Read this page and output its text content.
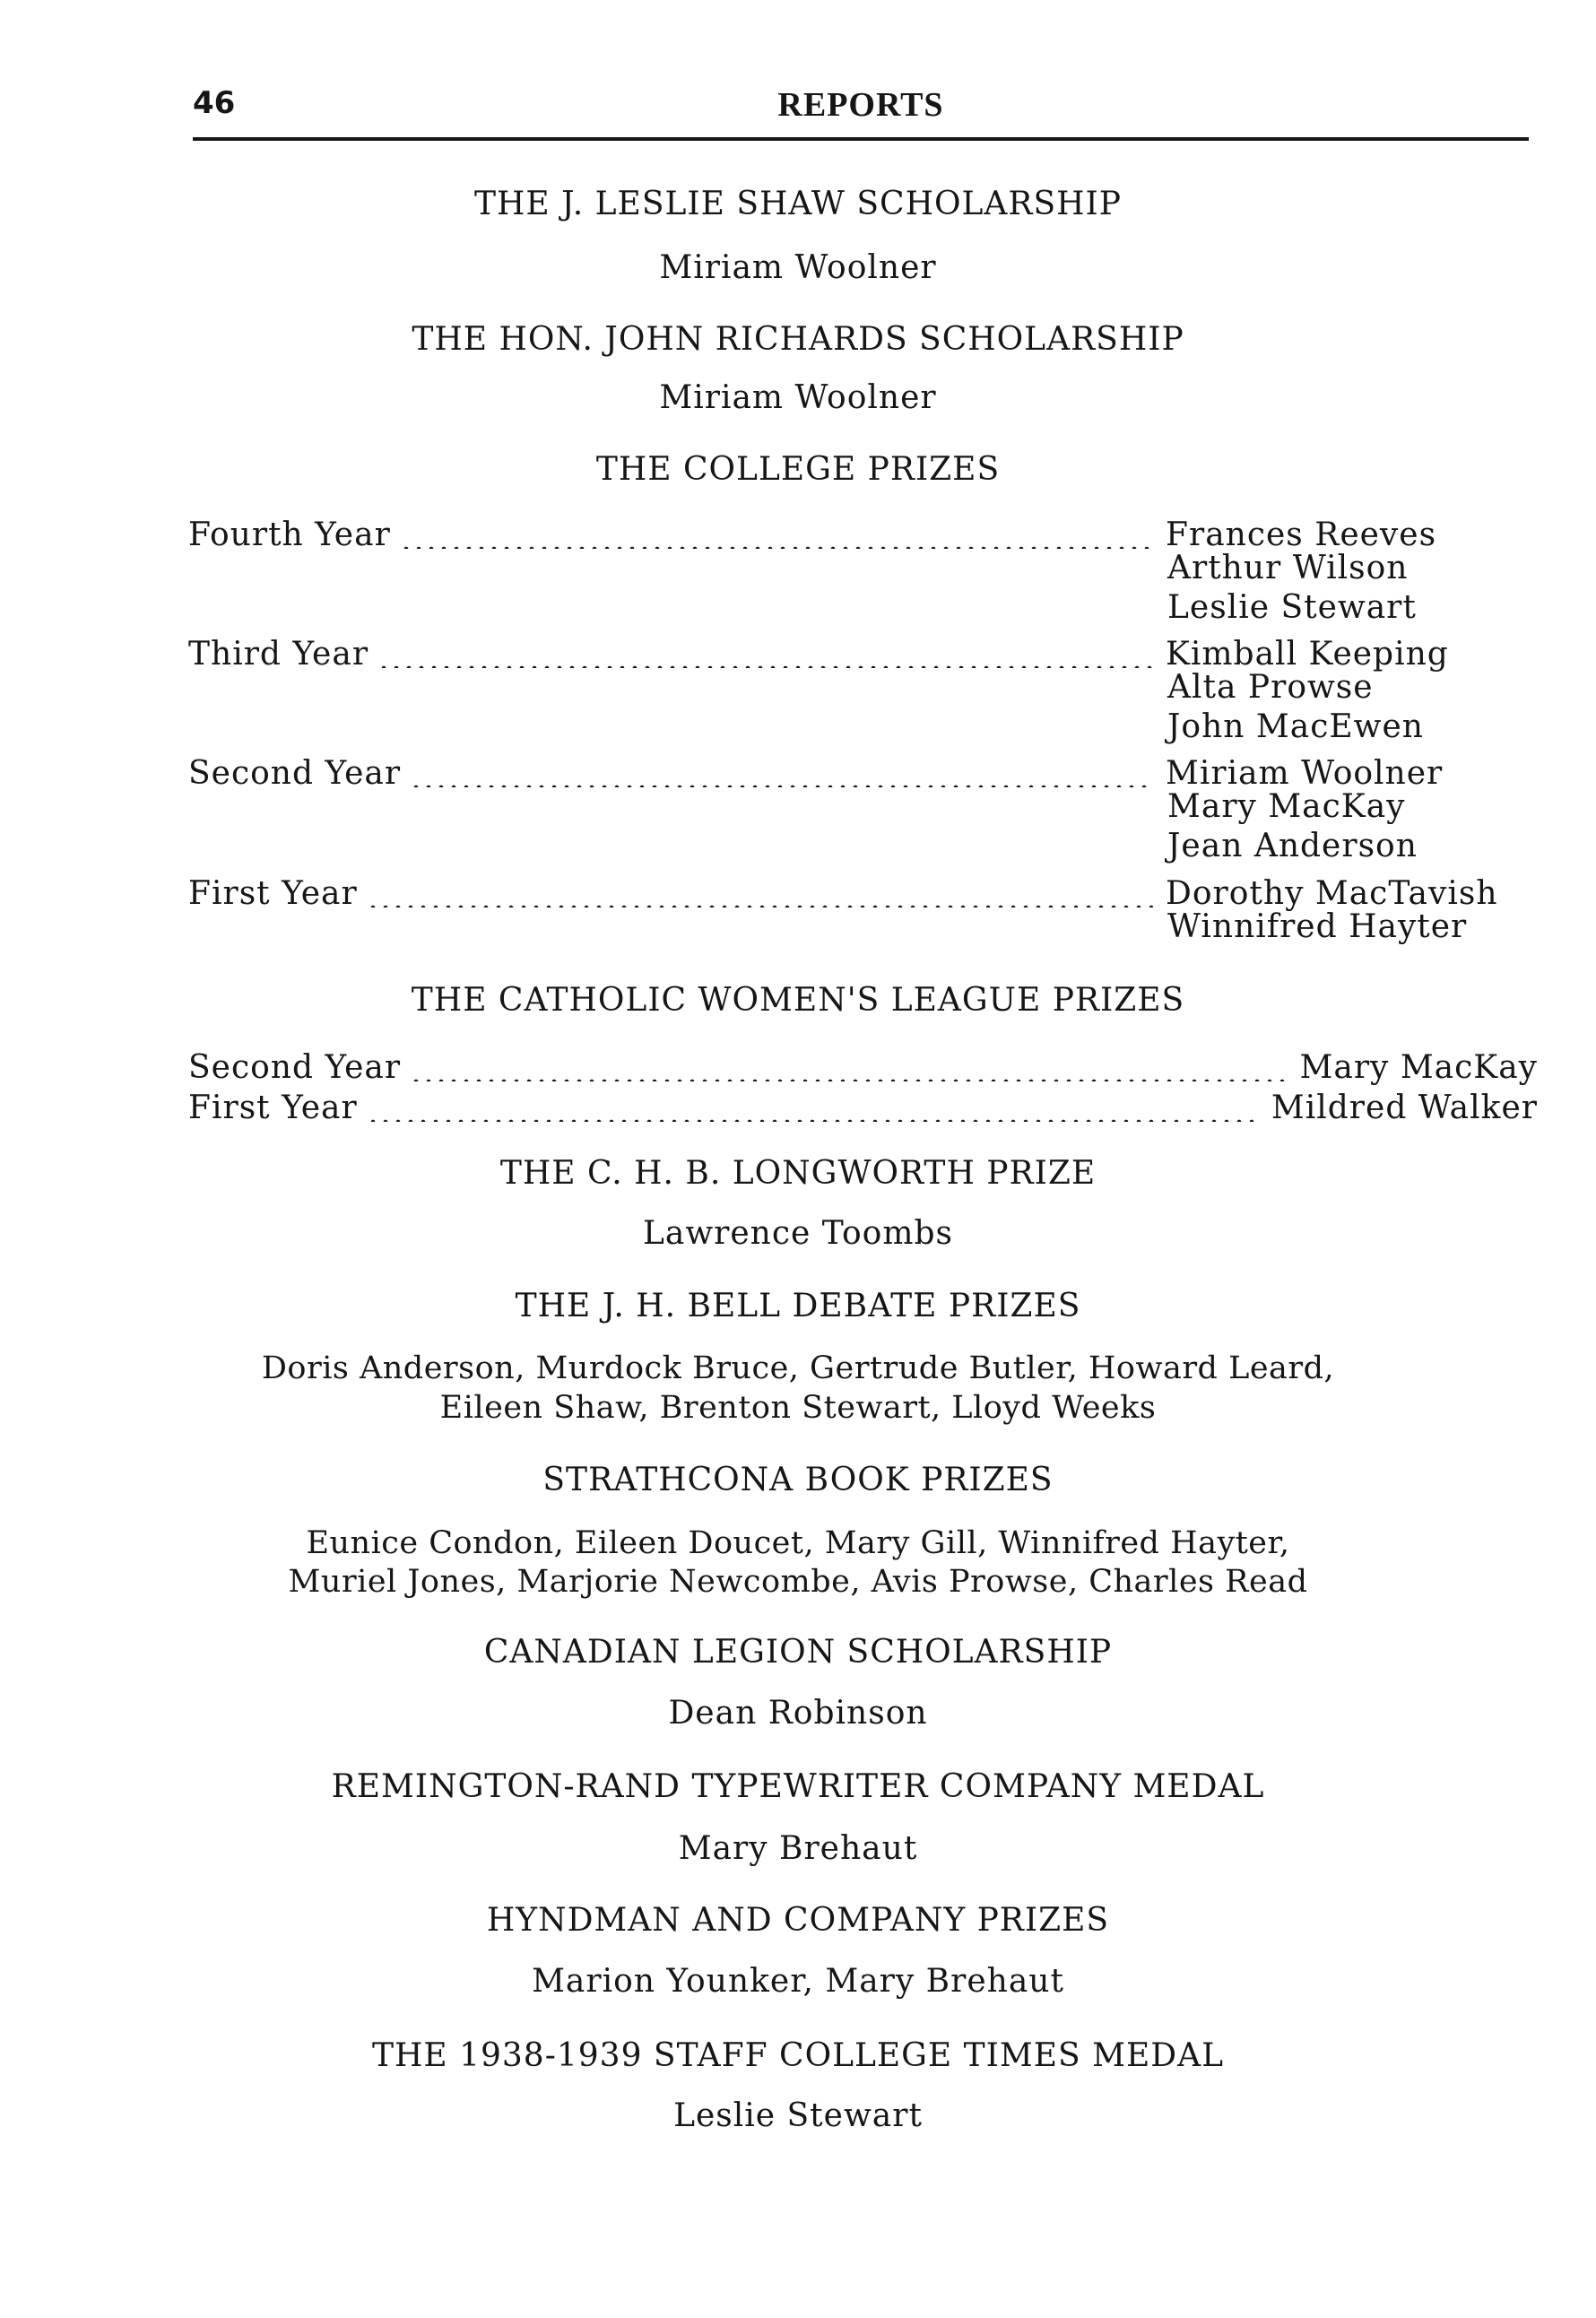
46	REPORTS
THE J. LESLIE SHAW SCHOLARSHIP
Miriam Woolner
THE HON. JOHN RICHARDS SCHOLARSHIP
Miriam Woolner
THE COLLEGE PRIZES
Fourth Year	Frances Reeves
Arthur Wilson
Leslie Stewart
Third Year	Kimball Keeping
Alta Prowse
John MacEwen
Second Year	Miriam Woolner
Mary MacKay
Jean Anderson
First Year	Dorothy MacTavish
Winnifred Hayter
THE CATHOLIC WOMEN'S LEAGUE PRIZES
Second Year	Mary MacKay
First Year	Mildred Walker
THE C. H. B. LONGWORTH PRIZE
Lawrence Toombs
THE J. H. BELL DEBATE PRIZES
Doris Anderson, Murdock Bruce, Gertrude Butler, Howard Leard,
Eileen Shaw, Brenton Stewart, Lloyd Weeks
STRATHCONA BOOK PRIZES
Eunice Condon, Eileen Doucet, Mary Gill, Winnifred Hayter,
Muriel Jones, Marjorie Newcombe, Avis Prowse, Charles Read
CANADIAN LEGION SCHOLARSHIP
Dean Robinson
REMINGTON-RAND TYPEWRITER COMPANY MEDAL
Mary Brehaut
HYNDMAN AND COMPANY PRIZES
Marion Younker, Mary Brehaut
THE 1938-1939 STAFF COLLEGE TIMES MEDAL
Leslie Stewart
